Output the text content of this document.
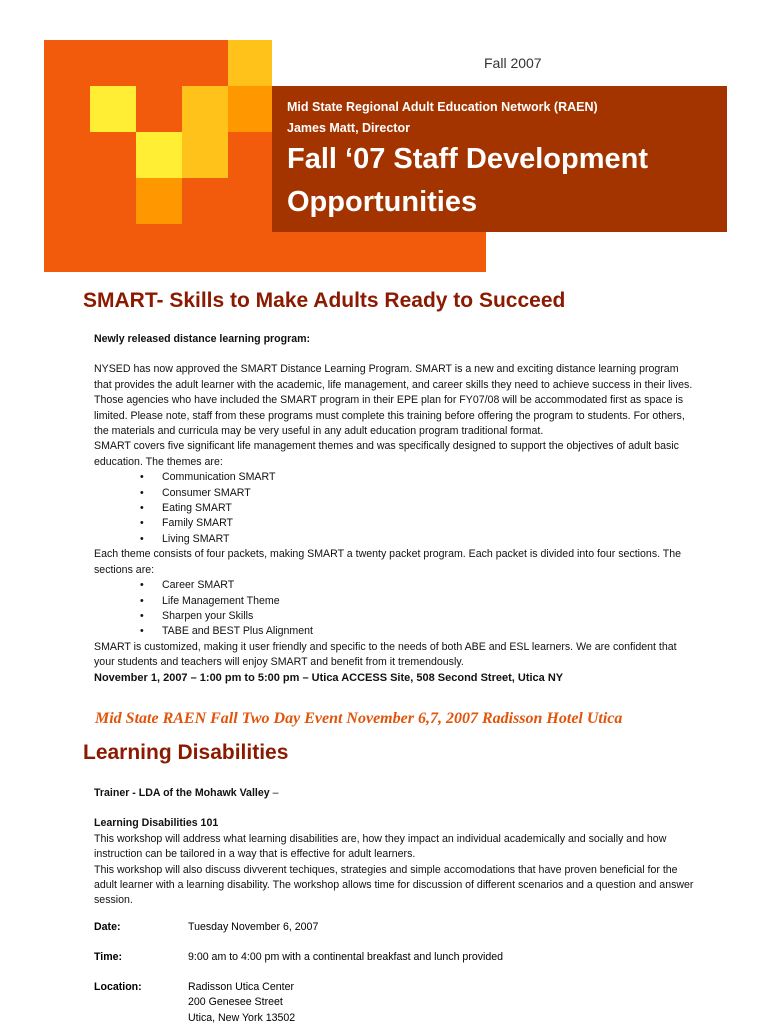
Fall 2007
Mid State Regional Adult Education Network (RAEN)
James Matt, Director
Fall ‘07 Staff Development
Opportunities
SMART- Skills to Make Adults Ready to Succeed

Newly released distance learning program:

NYSED has now approved the SMART Distance Learning Program. SMART is a new and exciting distance learning program that provides the adult learner with the academic, life management, and career skills they need to achieve success in their lives. Those agencies who have included the SMART program in their EPE plan for FY07/08 will be accommodated first as space is limited. Please note, staff from these programs must complete this training before offering the program to students. For others, the materials and curricula may be very useful in any adult education program traditional format.

SMART covers five significant life management themes and was specifically designed to support the objectives of adult basic education. The themes are:

• Communication SMART
• Consumer SMART
• Eating SMART
• Family SMART
• Living SMART

Each theme consists of four packets, making SMART a twenty packet program. Each packet is divided into four sections. The sections are:

• Career SMART
• Life Management Theme
• Sharpen your Skills
• TABE and BEST Plus Alignment

SMART is customized, making it user friendly and specific to the needs of both ABE and ESL learners. We are confident that your students and teachers will enjoy SMART and benefit from it tremendously.

November 1, 2007 – 1:00 pm to 5:00 pm – Utica ACCESS Site, 508 Second Street, Utica NY

Mid State RAEN Fall Two Day Event November 6,7, 2007 Radisson Hotel Utica
Learning Disabilities

Trainer - LDA of the Mohawk Valley –

Learning Disabilities 101

This workshop will address what learning disabilities are, how they impact an individual academically and socially and how instruction can be tailored in a way that is effective for adult learners.

This workshop will also discuss divverent techiques, strategies and simple accomodations that have proven beneficial for the adult learner with a learning disability. The workshop allows time for discussion of different scenarios and a question and answer session.

Date:	Tuesday November 6, 2007
Time:	9:00 am to 4:00 pm with a continental breakfast and lunch provided
Location:	Radisson Utica Center
200 Genesee Street
Utica, New York 13502
